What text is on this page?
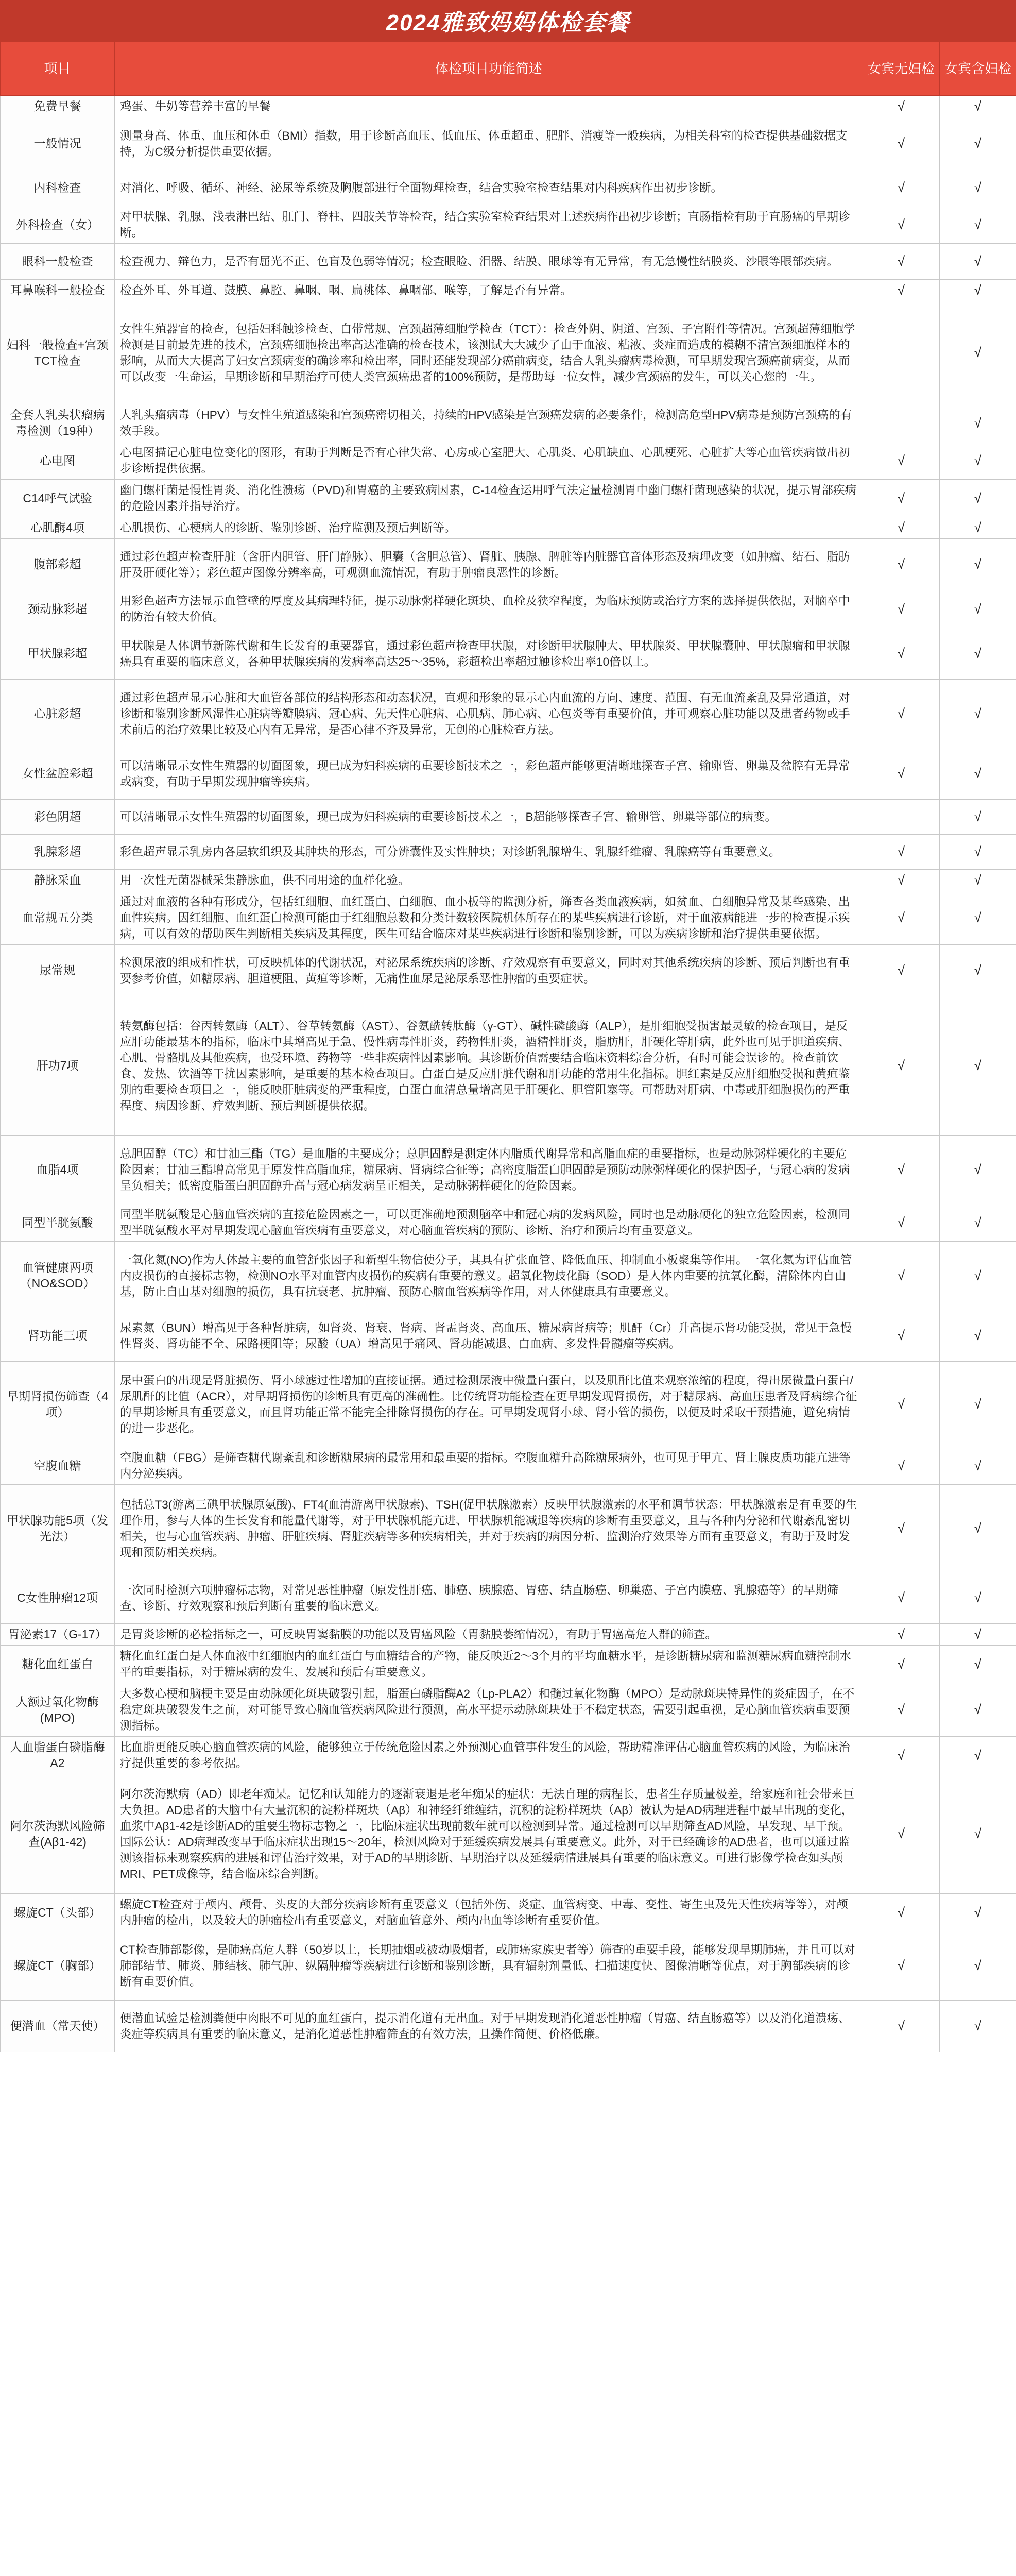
2024雅致妈妈体检套餐
项目	体检项目功能简述	女宾无妇检	女宾含妇检
免费早餐	鸡蛋、牛奶等营养丰富的早餐	√	√
一般情况	测量身高、体重、血压和体重（BMI）指数，用于诊断高血压、低血压、体重超重、肥胖、消瘦等一般疾病，为相关科室的检查提供基础数据支持，为C级分析提供重要依据。	√	√
内科检查	对消化、呼吸、循环、神经、泌尿等系统及胸腹部进行全面物理检查，结合实验室检查结果对内科疾病作出初步诊断。	√	√
外科检查（女）	对甲状腺、乳腺、浅表淋巴结、肛门、脊柱、四肢关节等检查，结合实验室检查结果对上述疾病作出初步诊断；直肠指检有助于直肠癌的早期诊断。	√	√
眼科一般检查	检查视力、辩色力，是否有屈光不正、色盲及色弱等情况；检查眼睑、泪器、结膜、眼球等有无异常，有无急慢性结膜炎、沙眼等眼部疾病。	√	√
耳鼻喉科一般检查	检查外耳、外耳道、鼓膜、鼻腔、鼻咽、咽、扁桃体、鼻咽部、喉等，了解是否有异常。	√	√
妇科一般检查+宫颈TCT检查	女性生殖器官的检查，包括妇科触诊检查、白带常规、宫颈超薄细胞学检查（TCT）：检查外阴、阴道、宫颈、子宫附件等情况。宫颈超薄细胞学检测是目前最先进的技术，宫颈癌细胞检出率高达准确的检查技术，该测试大大减少了由于血液、粘液、炎症而造成的模糊不清宫颈细胞样本的影响，从而大大提高了妇女宫颈病变的确诊率和检出率，同时还能发现部分癌前病变，结合人乳头瘤病毒检测，可早期发现宫颈癌前病变，从而可以改变一生命运，早期诊断和早期治疗可使人类宫颈癌患者的100%预防，是帮助每一位女性，减少宫颈癌的发生，可以关心您的一生。		√
全套人乳头状瘤病毒检测（19种）	人乳头瘤病毒（HPV）与女性生殖道感染和宫颈癌密切相关，持续的HPV感染是宫颈癌发病的必要条件，检测高危型HPV病毒是预防宫颈癌的有效手段。		√
心电图	心电图描记心脏电位变化的图形，有助于判断是否有心律失常、心房或心室肥大、心肌炎、心肌缺血、心肌梗死、心脏扩大等心血管疾病做出初步诊断提供依据。	√	√
C14呼气试验	幽门螺杆菌是慢性胃炎、消化性溃疡（PVD)和胃癌的主要致病因素，C-14检查运用呼气法定量检测胃中幽门螺杆菌现感染的状况，提示胃部疾病的危险因素并指导治疗。	√	√
心肌酶4项	心肌损伤、心梗病人的诊断、鉴别诊断、治疗监测及预后判断等。	√	√
腹部彩超	通过彩色超声检查肝脏（含肝内胆管、肝门静脉）、胆囊（含胆总管）、肾脏、胰腺、脾脏等内脏器官音体形态及病理改变（如肿瘤、结石、脂肪肝及肝硬化等）；彩色超声图像分辨率高，可观测血流情况，有助于肿瘤良恶性的诊断。	√	√
颈动脉彩超	用彩色超声方法显示血管壁的厚度及其病理特征，提示动脉粥样硬化斑块、血栓及狭窄程度，为临床预防或治疗方案的选择提供依据，对脑卒中的防治有较大价值。	√	√
甲状腺彩超	甲状腺是人体调节新陈代谢和生长发育的重要器官，通过彩色超声检查甲状腺，对诊断甲状腺肿大、甲状腺炎、甲状腺囊肿、甲状腺瘤和甲状腺癌具有重要的临床意义，各种甲状腺疾病的发病率高达25～35%，彩超检出率超过触诊检出率10倍以上。	√	√
心脏彩超	通过彩色超声显示心脏和大血管各部位的结构形态和动态状况，直观和形象的显示心内血流的方向、速度、范围、有无血流紊乱及异常通道，对诊断和鉴别诊断风湿性心脏病等瓣膜病、冠心病、先天性心脏病、心肌病、肺心病、心包炎等有重要价值，并可观察心脏功能以及患者药物或手术前后的治疗效果比较及心内有无异常，是否心律不齐及异常，无创的心脏检查方法。	√	√
女性盆腔彩超	可以清晰显示女性生殖器的切面图象，现已成为妇科疾病的重要诊断技术之一，彩色超声能够更清晰地探查子宫、输卵管、卵巢及盆腔有无异常或病变，有助于早期发现肿瘤等疾病。	√	√
彩色阴超	可以清晰显示女性生殖器的切面图象，现已成为妇科疾病的重要诊断技术之一，B超能够探查子宫、输卵管、卵巢等部位的病变。		√
乳腺彩超	彩色超声显示乳房内各层软组织及其肿块的形态，可分辨囊性及实性肿块；对诊断乳腺增生、乳腺纤维瘤、乳腺癌等有重要意义。	√	√
静脉采血	用一次性无菌器械采集静脉血，供不同用途的血样化验。	√	√
血常规五分类	通过对血液的各种有形成分，包括红细胞、血红蛋白、白细胞、血小板等的监测分析，筛查各类血液疾病，如贫血、白细胞异常及某些感染、出血性疾病。因红细胞、血红蛋白检测可能由于红细胞总数和分类计数较医院机体所存在的某些疾病进行诊断，对于血液病能进一步的检查提示疾病，可以有效的帮助医生判断相关疾病及其程度，医生可结合临床对某些疾病进行诊断和鉴别诊断，可以为疾病诊断和治疗提供重要依据。	√	√
尿常规	检测尿液的组成和性状，可反映机体的代谢状况，对泌尿系统疾病的诊断、疗效观察有重要意义，同时对其他系统疾病的诊断、预后判断也有重要参考价值，如糖尿病、胆道梗阻、黄疸等诊断，无痛性血尿是泌尿系恶性肿瘤的重要症状。	√	√
肝功7项	转氨酶包括：谷丙转氨酶（ALT）、谷草转氨酶（AST）、谷氨酰转肽酶（γ-GT）、碱性磷酸酶（ALP），是肝细胞受损害最灵敏的检查项目，是反应肝功能最基本的指标，临床中其增高见于急、慢性病毒性肝炎，药物性肝炎，酒精性肝炎，脂肪肝，肝硬化等肝病，此外也可见于胆道疾病、心肌、骨骼肌及其他疾病，也受环境、药物等一些非疾病性因素影响。其诊断价值需要结合临床资料综合分析，有时可能会误诊的。检查前饮食、发热、饮酒等干扰因素影响，是重要的基本检查项目。白蛋白是反应肝脏代谢和肝功能的常用生化指标。胆红素是反应肝细胞受损和黄疸鉴别的重要检查项目之一，能反映肝脏病变的严重程度，白蛋白血清总量增高见于肝硬化、胆管阻塞等。可帮助对肝病、中毒或肝细胞损伤的严重程度、病因诊断、疗效判断、预后判断提供依据。	√	√
血脂4项	总胆固醇（TC）和甘油三酯（TG）是血脂的主要成分；总胆固醇是测定体内脂质代谢异常和高脂血症的重要指标，也是动脉粥样硬化的主要危险因素；甘油三酯增高常见于原发性高脂血症，糖尿病、肾病综合征等；高密度脂蛋白胆固醇是预防动脉粥样硬化的保护因子，与冠心病的发病呈负相关；低密度脂蛋白胆固醇升高与冠心病发病呈正相关，是动脉粥样硬化的危险因素。	√	√
同型半胱氨酸	同型半胱氨酸是心脑血管疾病的直接危险因素之一，可以更准确地预测脑卒中和冠心病的发病风险，同时也是动脉硬化的独立危险因素，检测同型半胱氨酸水平对早期发现心脑血管疾病有重要意义，对心脑血管疾病的预防、诊断、治疗和预后均有重要意义。	√	√
血管健康两项（NO&SOD）	一氧化氮(NO)作为人体最主要的血管舒张因子和新型生物信使分子，其具有扩张血管、降低血压、抑制血小板聚集等作用。一氧化氮为评估血管内皮损伤的直接标志物，检测NO水平对血管内皮损伤的疾病有重要的意义。超氧化物歧化酶（SOD）是人体内重要的抗氧化酶，清除体内自由基，防止自由基对细胞的损伤，具有抗衰老、抗肿瘤、预防心脑血管疾病等作用，对人体健康具有重要意义。	√	√
肾功能三项	尿素氮（BUN）增高见于各种肾脏病，如肾炎、肾衰、肾病、肾盂肾炎、高血压、糖尿病肾病等；肌酐（Cr）升高提示肾功能受损，常见于急慢性肾炎、肾功能不全、尿路梗阻等；尿酸（UA）增高见于痛风、肾功能减退、白血病、多发性骨髓瘤等疾病。	√	√
早期肾损伤筛查（4项）	尿中蛋白的出现是肾脏损伤、肾小球滤过性增加的直接证据。通过检测尿液中微量白蛋白，以及肌酐比值来观察浓缩的程度，得出尿微量白蛋白/尿肌酐的比值（ACR），对早期肾损伤的诊断具有更高的准确性。比传统肾功能检查在更早期发现肾损伤，对于糖尿病、高血压患者及肾病综合征的早期诊断具有重要意义，而且肾功能正常不能完全排除肾损伤的存在。可早期发现肾小球、肾小管的损伤，以便及时采取干预措施，避免病情的进一步恶化。	√	√
空腹血糖	空腹血糖（FBG）是筛查糖代谢紊乱和诊断糖尿病的最常用和最重要的指标。空腹血糖升高除糖尿病外，也可见于甲亢、肾上腺皮质功能亢进等内分泌疾病。	√	√
甲状腺功能5项（发光法）	包括总T3(游离三碘甲状腺原氨酸)、FT4(血清游离甲状腺素)、TSH(促甲状腺激素）反映甲状腺激素的水平和调节状态：甲状腺激素是有重要的生理作用，参与人体的生长发育和能量代谢等，对于甲状腺机能亢进、甲状腺机能减退等疾病的诊断有重要意义，且与各种内分泌和代谢紊乱密切相关，也与心血管疾病、肿瘤、肝脏疾病、肾脏疾病等多种疾病相关，并对于疾病的病因分析、监测治疗效果等方面有重要意义，有助于及时发现和预防相关疾病。	√	√
C女性肿瘤12项	一次同时检测六项肿瘤标志物，对常见恶性肿瘤（原发性肝癌、肺癌、胰腺癌、胃癌、结直肠癌、卵巢癌、子宫内膜癌、乳腺癌等）的早期筛查、诊断、疗效观察和预后判断有重要的临床意义。	√	√
胃泌素17（G-17）	是胃炎诊断的必检指标之一，可反映胃窦黏膜的功能以及胃癌风险（胃黏膜萎缩情况），有助于胃癌高危人群的筛查。	√	√
糖化血红蛋白	糖化血红蛋白是人体血液中红细胞内的血红蛋白与血糖结合的产物，能反映近2～3个月的平均血糖水平，是诊断糖尿病和监测糖尿病血糖控制水平的重要指标，对于糖尿病的发生、发展和预后有重要意义。	√	√
人额过氧化物酶(MPO)	大多数心梗和脑梗主要是由动脉硬化斑块破裂引起，脂蛋白磷脂酶A2（Lp-PLA2）和髓过氧化物酶（MPO）是动脉斑块特异性的炎症因子，在不稳定斑块破裂发生之前，对可能导致心脑血管疾病风险进行预测，高水平提示动脉斑块处于不稳定状态，需要引起重视，是心脑血管疾病重要预测指标。	√	√
人血脂蛋白磷脂酶A2	比血脂更能反映心脑血管疾病的风险，能够独立于传统危险因素之外预测心血管事件发生的风险，帮助精准评估心脑血管疾病的风险，为临床治疗提供重要的参考依据。	√	√
阿尔茨海默风险筛查(Aβ1-42)	阿尔茨海默病（AD）即老年痴呆。记忆和认知能力的逐渐衰退是老年痴呆的症状：无法自理的病程长，患者生存质量极差，给家庭和社会带来巨大负担。AD患者的大脑中有大量沉积的淀粉样斑块（Aβ）和神经纤维缠结，沉积的淀粉样斑块（Aβ）被认为是AD病理进程中最早出现的变化，血浆中Aβ1-42是诊断AD的重要生物标志物之一，比临床症状出现前数年就可以检测到异常。通过检测可以早期筛查AD风险，早发现、早干预。国际公认：AD病理改变早于临床症状出现15～20年，检测风险对于延缓疾病发展具有重要意义。此外，对于已经确诊的AD患者，也可以通过监测该指标来观察疾病的进展和评估治疗效果，对于AD的早期诊断、早期治疗以及延缓病情进展具有重要的临床意义。可进行影像学检查如头颅MRI、PET成像等，结合临床综合判断。	√	√
螺旋CT（头部）	螺旋CT检查对于颅内、颅骨、头皮的大部分疾病诊断有重要意义（包括外伤、炎症、血管病变、中毒、变性、寄生虫及先天性疾病等等），对颅内肿瘤的检出，以及较大的肿瘤检出有重要意义，对脑血管意外、颅内出血等诊断有重要价值。	√	√
螺旋CT（胸部）	CT检查肺部影像，是肺癌高危人群（50岁以上，长期抽烟或被动吸烟者，或肺癌家族史者等）筛查的重要手段，能够发现早期肺癌，并且可以对肺部结节、肺炎、肺结核、肺气肿、纵隔肿瘤等疾病进行诊断和鉴别诊断，具有辐射剂量低、扫描速度快、图像清晰等优点，对于胸部疾病的诊断有重要价值。	√	√
便潜血（常天使）	便潜血试验是检测粪便中肉眼不可见的血红蛋白，提示消化道有无出血。对于早期发现消化道恶性肿瘤（胃癌、结直肠癌等）以及消化道溃疡、炎症等疾病具有重要的临床意义，是消化道恶性肿瘤筛查的有效方法，且操作简便、价格低廉。	√	√
